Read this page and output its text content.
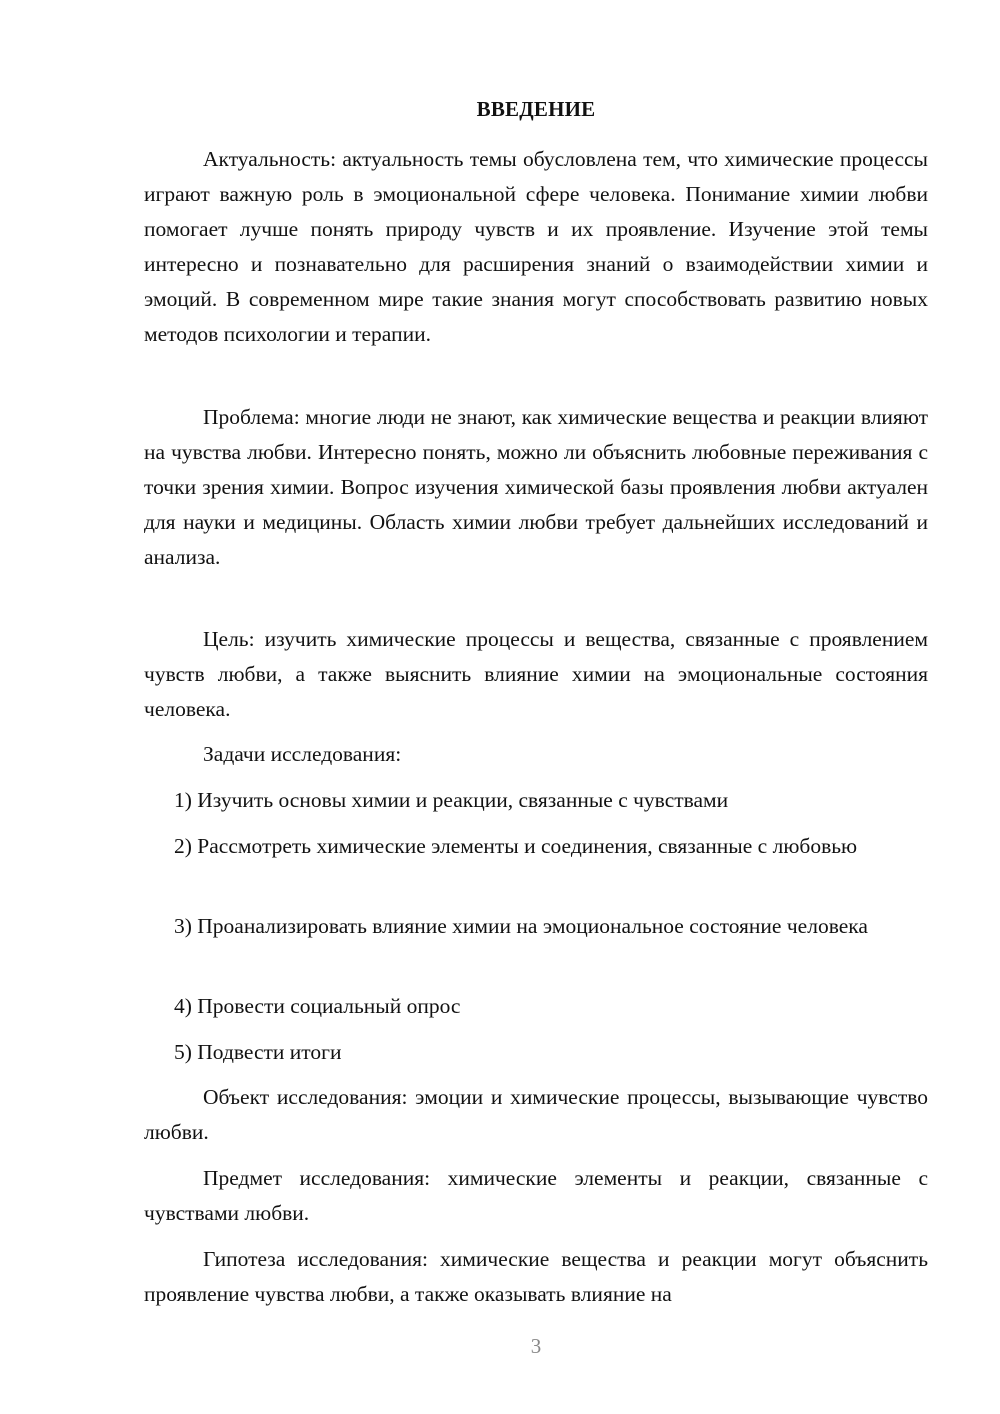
ВВЕДЕНИЕ

Актуальность: актуальность темы обусловлена тем, что химические процессы играют важную роль в эмоциональной сфере человека. Понимание химии любви помогает лучше понять природу чувств и их проявление. Изучение этой темы интересно и познавательно для расширения знаний о взаимодействии химии и эмоций. В современном мире такие знания могут способствовать развитию новых методов психологии и терапии.

Проблема: многие люди не знают, как химические вещества и реакции влияют на чувства любви. Интересно понять, можно ли объяснить любовные переживания с точки зрения химии. Вопрос изучения химической базы проявления любви актуален для науки и медицины. Область химии любви требует дальнейших исследований и анализа.

Цель: изучить химические процессы и вещества, связанные с проявлением чувств любви, а также выяснить влияние химии на эмоциональные состояния человека.

Задачи исследования:

1) Изучить основы химии и реакции, связанные с чувствами

2) Рассмотреть химические элементы и соединения, связанные с любовью

3) Проанализировать влияние химии на эмоциональное состояние человека

4) Провести социальный опрос

5) Подвести итоги

Объект исследования: эмоции и химические процессы, вызывающие чувство любви.

Предмет исследования: химические элементы и реакции, связанные с чувствами любви.

Гипотеза исследования: химические вещества и реакции могут объяснить проявление чувства любви, а также оказывать влияние на

3
